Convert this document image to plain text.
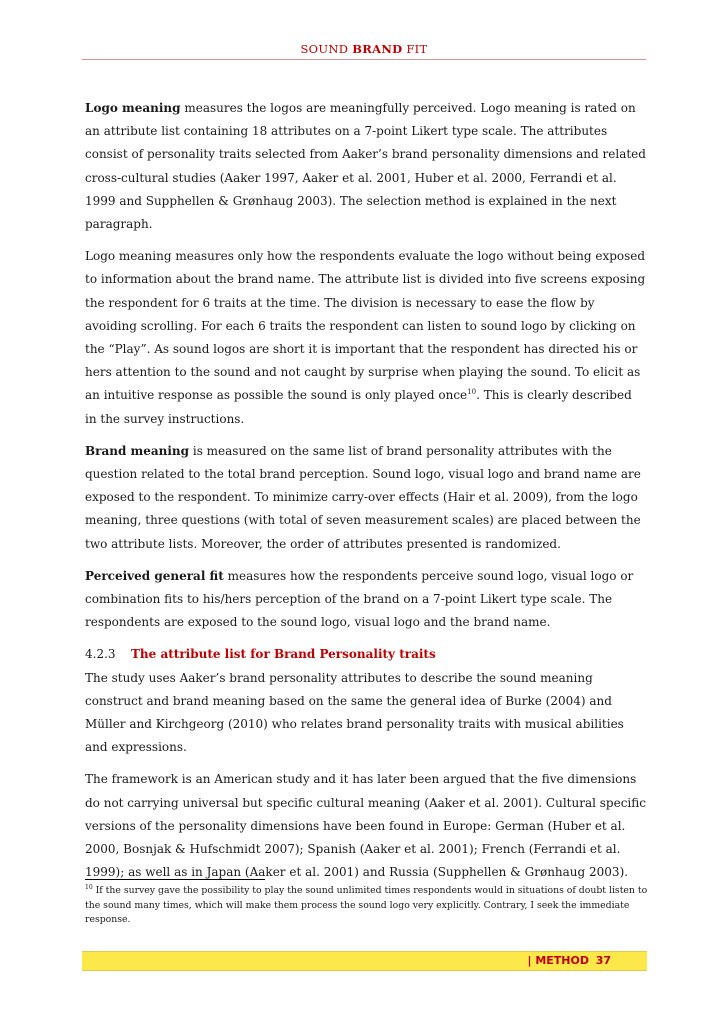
SOUND BRAND FIT

Logo meaning measures the logos are meaningfully perceived. Logo meaning is rated on an attribute list containing 18 attributes on a 7-point Likert type scale. The attributes consist of personality traits selected from Aaker’s brand personality dimensions and related cross-cultural studies (Aaker 1997, Aaker et al. 2001, Huber et al. 2000, Ferrandi et al. 1999 and Supphellen & Grønhaug 2003). The selection method is explained in the next paragraph.

Logo meaning measures only how the respondents evaluate the logo without being exposed to information about the brand name. The attribute list is divided into five screens exposing the respondent for 6 traits at the time. The division is necessary to ease the flow by avoiding scrolling. For each 6 traits the respondent can listen to sound logo by clicking on the “Play”. As sound logos are short it is important that the respondent has directed his or hers attention to the sound and not caught by surprise when playing the sound. To elicit as an intuitive response as possible the sound is only played once$^{10}$. This is clearly described in the survey instructions.

Brand meaning is measured on the same list of brand personality attributes with the question related to the total brand perception. Sound logo, visual logo and brand name are exposed to the respondent. To minimize carry-over effects (Hair et al. 2009), from the logo meaning, three questions (with total of seven measurement scales) are placed between the two attribute lists. Moreover, the order of attributes presented is randomized.

Perceived general fit measures how the respondents perceive sound logo, visual logo or combination fits to his/hers perception of the brand on a 7-point Likert type scale. The respondents are exposed to the sound logo, visual logo and the brand name.

4.2.3 The attribute list for Brand Personality traits

The study uses Aaker’s brand personality attributes to describe the sound meaning construct and brand meaning based on the same the general idea of Burke (2004) and Müller and Kirchgeorg (2010) who relates brand personality traits with musical abilities and expressions.

The framework is an American study and it has later been argued that the five dimensions do not carrying universal but specific cultural meaning (Aaker et al. 2001). Cultural specific versions of the personality dimensions have been found in Europe: German (Huber et al. 2000, Bosnjak & Hufschmidt 2007); Spanish (Aaker et al. 2001); French (Ferrandi et al. 1999); as well as in Japan (Aaker et al. 2001) and Russia (Supphellen & Grønhaug 2003).

$^{10}$ If the survey gave the possibility to play the sound unlimited times respondents would in situations of doubt listen to the sound many times, which will make them process the sound logo very explicitly. Contrary, I seek the immediate response.
| METHOD 37
